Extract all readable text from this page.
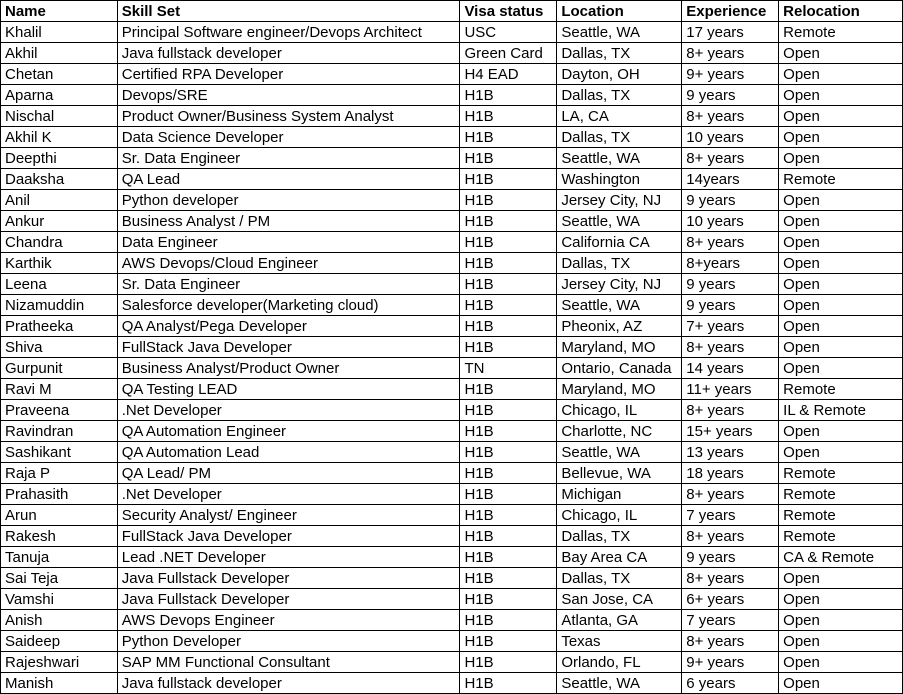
Name	Skill Set	Visa status	Location	Experience	Relocation
Khalil	Principal Software engineer/Devops Architect	USC	Seattle, WA	17 years	Remote
Akhil	Java fullstack developer	Green Card	Dallas, TX	8+ years	Open
Chetan	Certified RPA Developer	H4 EAD	Dayton, OH	9+ years	Open
Aparna	Devops/SRE	H1B	Dallas, TX	9 years	Open
Nischal	Product Owner/Business System Analyst	H1B	LA, CA	8+ years	Open
Akhil K	Data Science Developer	H1B	Dallas, TX	10 years	Open
Deepthi	Sr. Data Engineer	H1B	Seattle, WA	8+ years	Open
Daaksha	QA Lead	H1B	Washington	14years	Remote
Anil	Python developer	H1B	Jersey City, NJ	9 years	Open
Ankur	Business Analyst / PM	H1B	Seattle, WA	10 years	Open
Chandra	Data Engineer	H1B	California CA	8+ years	Open
Karthik	AWS Devops/Cloud Engineer	H1B	Dallas, TX	8+years	Open
Leena	Sr. Data Engineer	H1B	Jersey City, NJ	9 years	Open
Nizamuddin	Salesforce developer(Marketing cloud)	H1B	Seattle, WA	9 years	Open
Pratheeka	QA Analyst/Pega Developer	H1B	Pheonix, AZ	7+ years	Open
Shiva	FullStack Java Developer	H1B	Maryland, MO	8+ years	Open
Gurpunit	Business Analyst/Product Owner	TN	Ontario, Canada	14 years	Open
Ravi M	QA Testing LEAD	H1B	Maryland, MO	11+ years	Remote
Praveena	.Net Developer	H1B	Chicago, IL	8+ years	IL & Remote
Ravindran	QA Automation Engineer	H1B	Charlotte, NC	15+ years	Open
Sashikant	QA Automation Lead	H1B	Seattle, WA	13 years	Open
Raja P	QA Lead/ PM	H1B	Bellevue, WA	18 years	Remote
Prahasith	.Net Developer	H1B	Michigan	8+ years	Remote
Arun	Security Analyst/ Engineer	H1B	Chicago, IL	7 years	Remote
Rakesh	FullStack Java Developer	H1B	Dallas, TX	8+ years	Remote
Tanuja	Lead .NET Developer	H1B	Bay Area CA	9 years	CA & Remote
Sai Teja	Java Fullstack Developer	H1B	Dallas, TX	8+ years	Open
Vamshi	Java Fullstack Developer	H1B	San Jose, CA	6+ years	Open
Anish	AWS Devops Engineer	H1B	Atlanta, GA	7 years	Open
Saideep	Python Developer	H1B	Texas	8+ years	Open
Rajeshwari	SAP MM Functional Consultant	H1B	Orlando, FL	9+ years	Open
Manish	Java fullstack developer	H1B	Seattle, WA	6 years	Open
